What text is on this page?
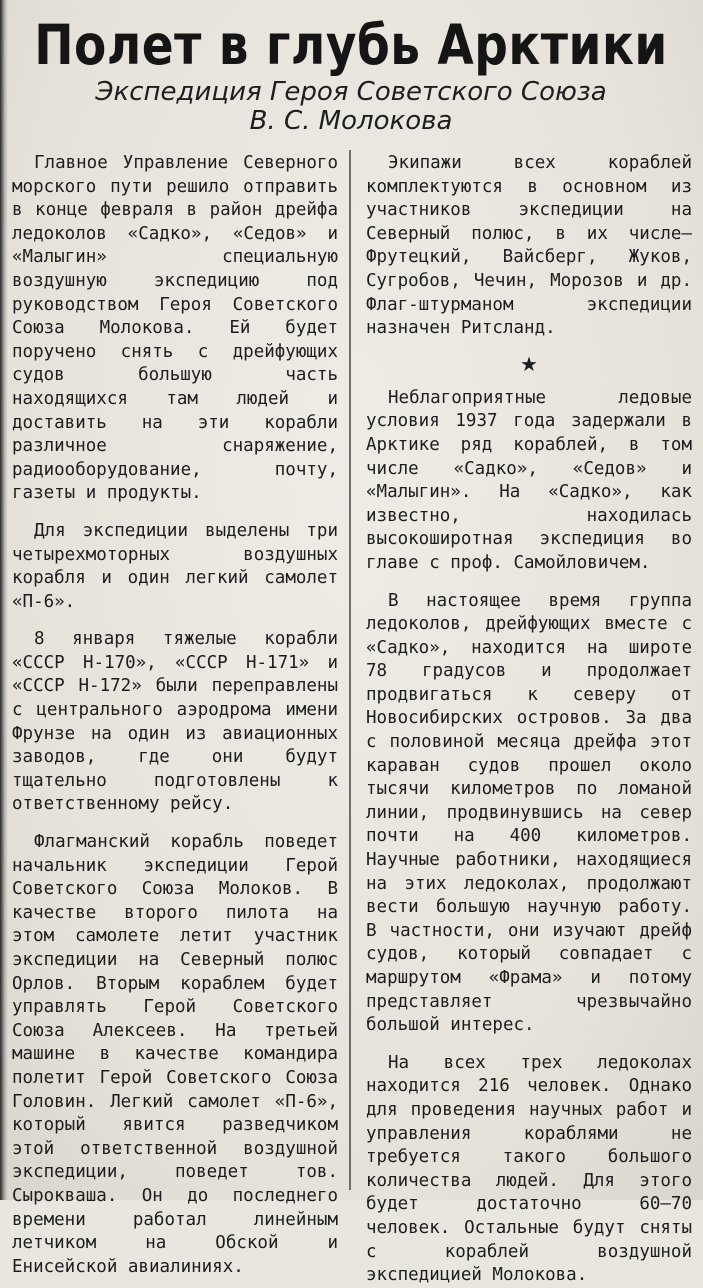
Полет в глубь Арктики
Экспедиция Героя Советского Союза
В. С. Молокова

Главное Управление Северного морского пути решило отправить в конце февраля в район дрейфа ледоколов «Садко», «Седов» и «Малыгин» специальную воздушную экспедицию под руководством Героя Советского Союза Молокова. Ей будет поручено снять с дрейфующих судов большую часть находящихся там людей и доставить на эти корабли различное снаряжение, радиооборудование, почту, газеты и продукты.

Для экспедиции выделены три четырехмоторных воздушных корабля и один легкий самолет «П-6».

8 января тяжелые корабли «СССР Н-170», «СССР Н-171» и «СССР Н-172» были переправлены с центрального аэродрома имени Фрунзе на один из авиационных заводов, где они будут тщательно подготовлены к ответственному рейсу.

Флагманский корабль поведет начальник экспедиции Герой Советского Союза Молоков. В качестве второго пилота на этом самолете летит участник экспедиции на Северный полюс Орлов. Вторым кораблем будет управлять Герой Советского Союза Алексеев. На третьей машине в качестве командира полетит Герой Советского Союза Головин. Легкий самолет «П-6», который явится разведчиком этой ответственной воздушной экспедиции, поведет тов. Сырокваша. Он до последнего времени работал линейным летчиком на Обской и Енисейской авиалиниях.

Экипажи всех кораблей комплектуются в основном из участников экспедиции на Северный полюс, в их числе—Фрутецкий, Вайсберг, Жуков, Сугробов, Чечин, Морозов и др. Флаг-штурманом экспедиции назначен Ритсланд.

★

Неблагоприятные ледовые условия 1937 года задержали в Арктике ряд кораблей, в том числе «Садко», «Седов» и «Малыгин». На «Садко», как известно, находилась высокоширотная экспедиция во главе с проф. Самойловичем.

В настоящее время группа ледоколов, дрейфующих вместе с «Садко», находится на широте 78 градусов и продолжает продвигаться к северу от Новосибирских островов. За два с половиной месяца дрейфа этот караван судов прошел около тысячи километров по ломаной линии, продвинувшись на север почти на 400 километров. Научные работники, находящиеся на этих ледоколах, продолжают вести большую научную работу. В частности, они изучают дрейф судов, который совпадает с маршрутом «Фрама» и потому представляет чрезвычайно большой интерес.

На всех трех ледоколах находится 216 человек. Однако для проведения научных работ и управления кораблями не требуется такого большого количества людей. Для этого будет достаточно 60—70 человек. Остальные будут сняты с кораблей воздушной экспедицией Молокова.
